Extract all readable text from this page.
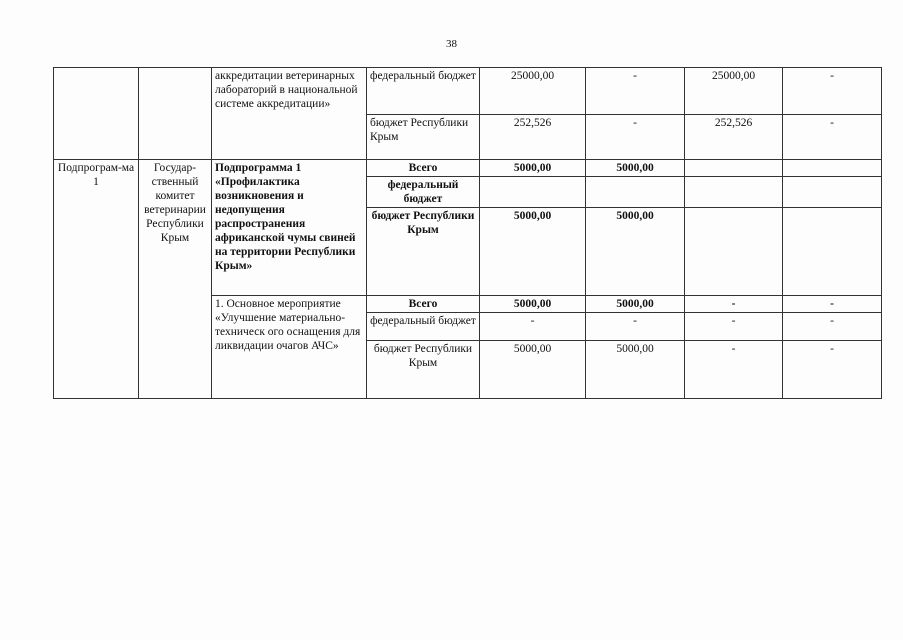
38
		аккредитации ветеринарных лабораторий в национальной системе аккредитации»	федеральный бюджет	25000,00	-	25000,00	-
			бюджет Республики Крым	252,526	-	252,526	-
Подпрограм-ма 1	Государ-ственный комитет ветеринарии Республики Крым	Подпрограмма 1 «Профилактика возникновения и недопущения распространения африканской чумы свиней на территории Республики Крым»	Всего	5000,00	5000,00		
			федеральный бюджет				
			бюджет Республики Крым	5000,00	5000,00		
		1. Основное мероприятие «Улучшение материально-техническ ого оснащения для ликвидации очагов АЧС»	Всего	5000,00	5000,00	-	-
			федеральный бюджет	-	-	-	-
			бюджет Республики Крым	5000,00	5000,00	-	-
